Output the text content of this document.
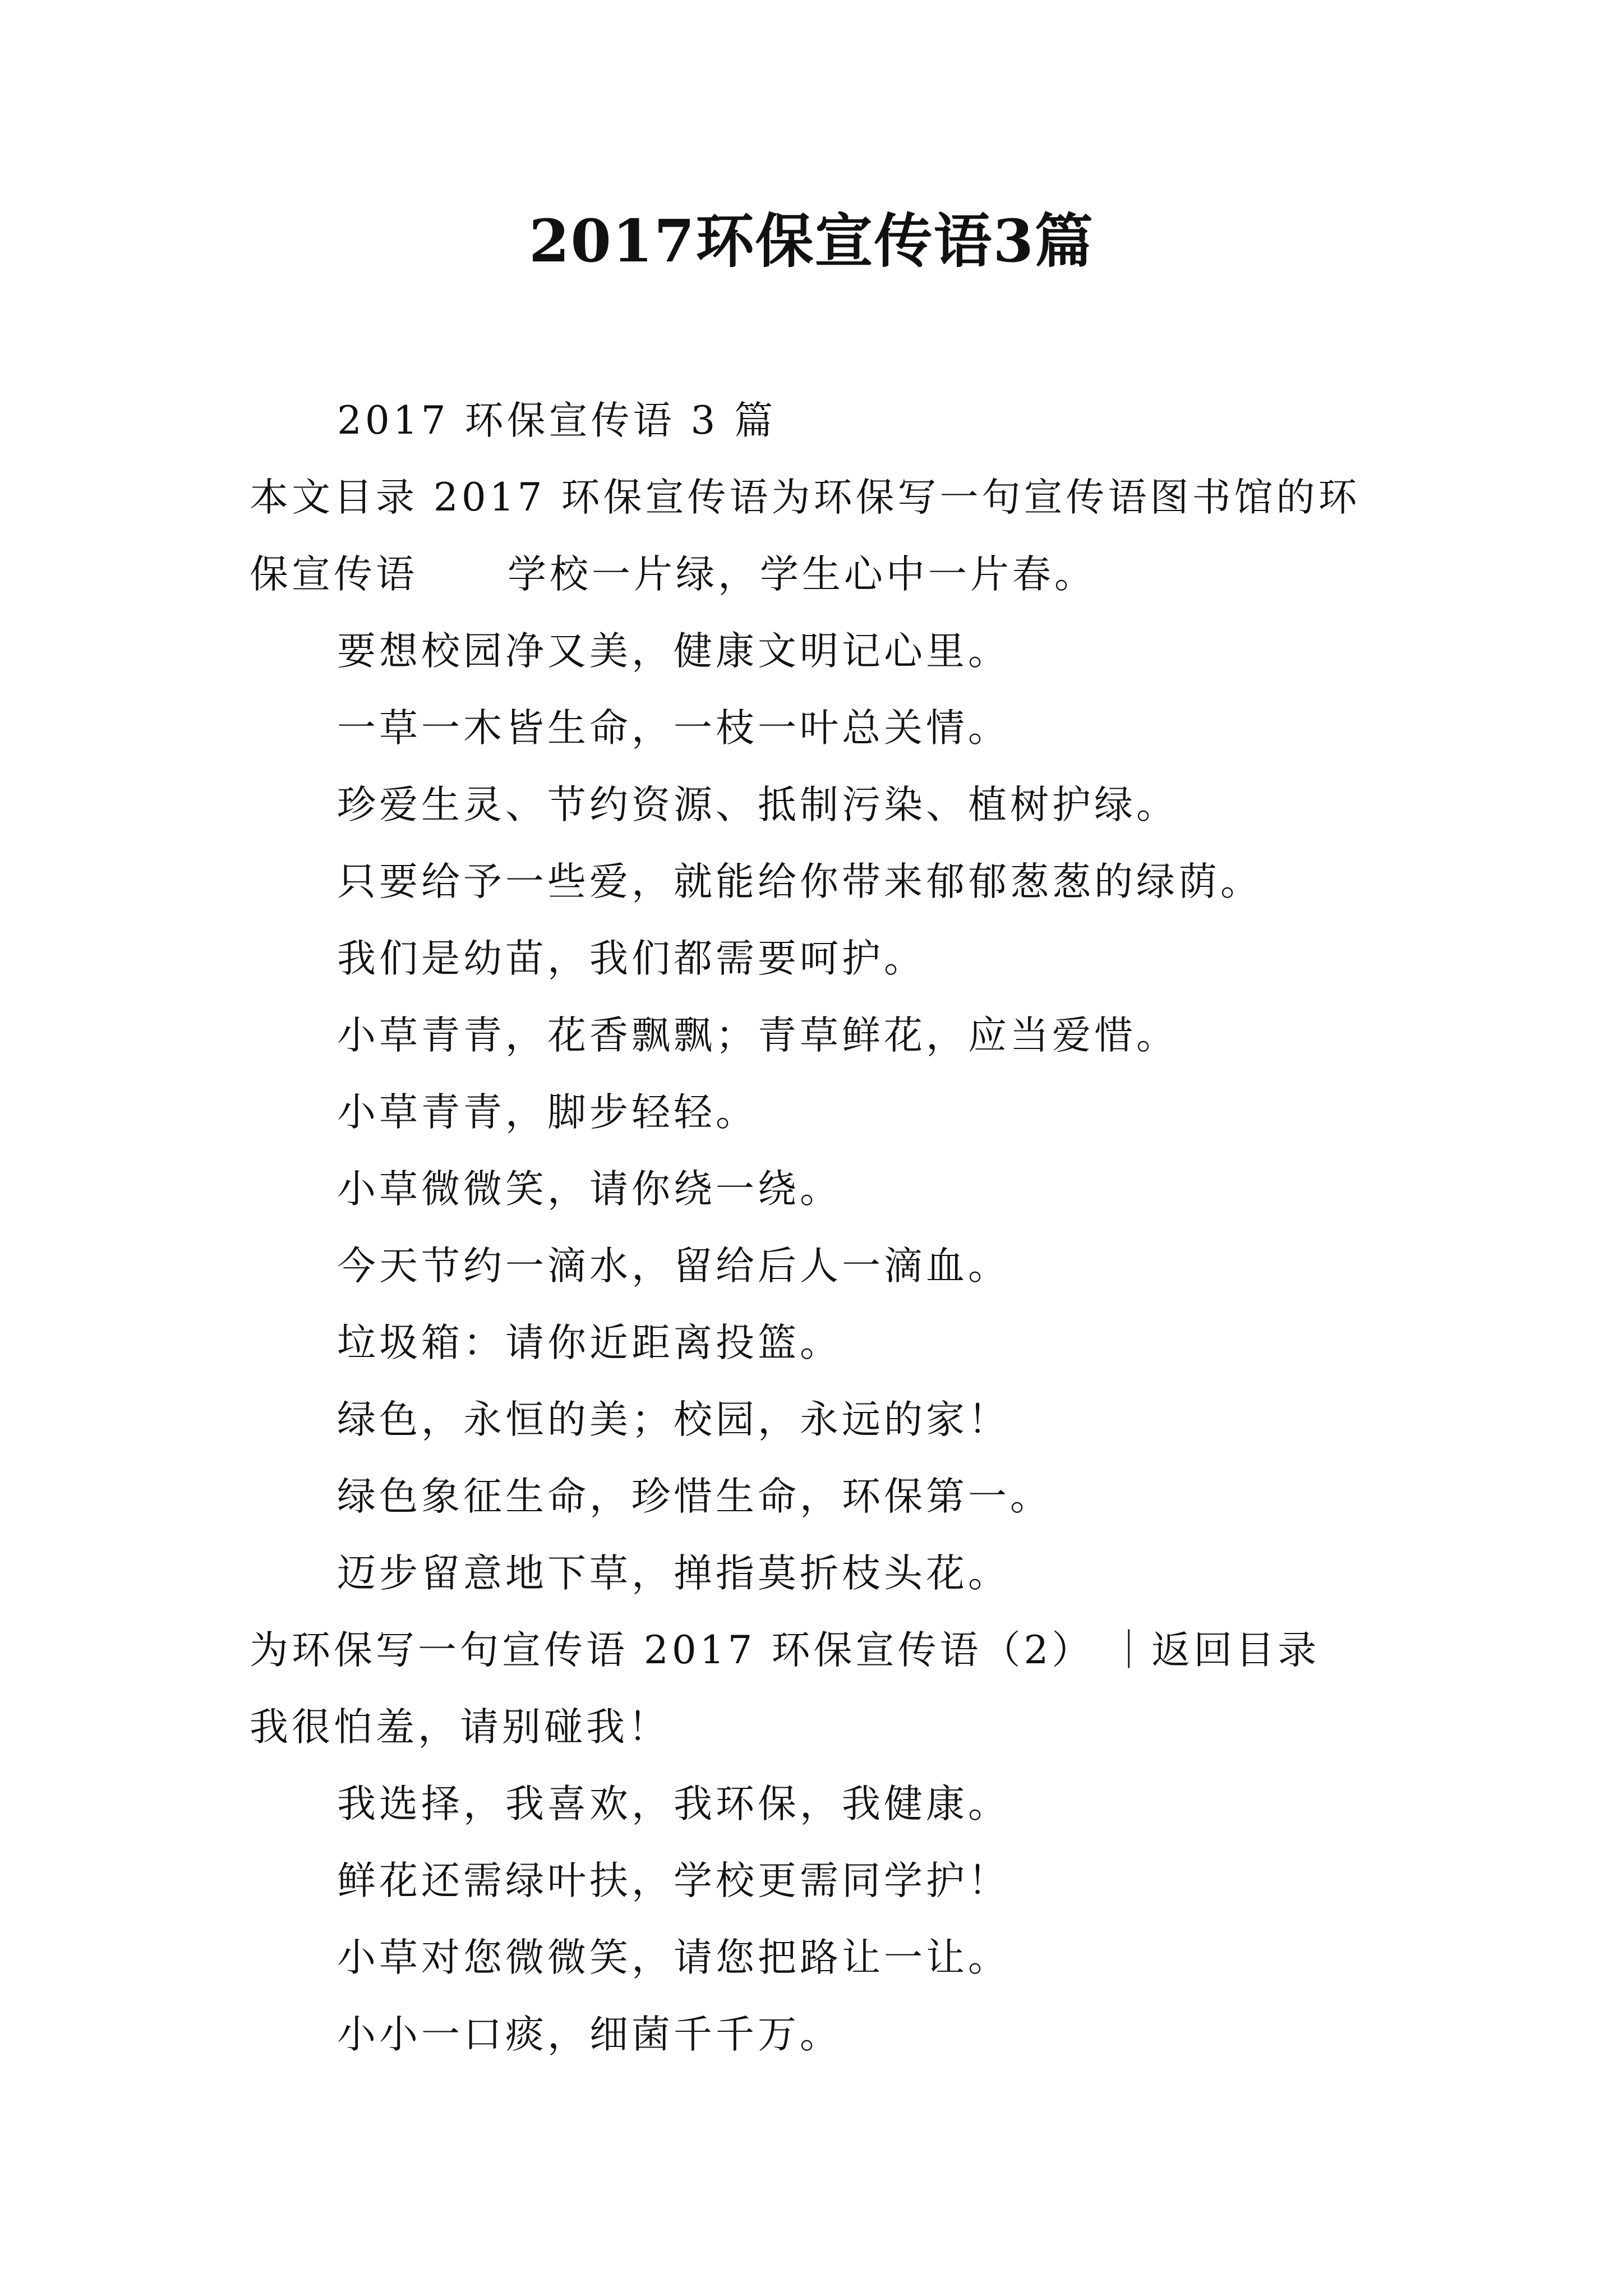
2017环保宣传语3篇
2017 环保宣传语 3 篇
本文目录 2017 环保宣传语为环保写一句宣传语图书馆的环
保宣传语 学校一片绿，学生心中一片春。
要想校园净又美，健康文明记心里。
一草一木皆生命，一枝一叶总关情。
珍爱生灵、节约资源、抵制污染、植树护绿。
只要给予一些爱，就能给你带来郁郁葱葱的绿荫。
我们是幼苗，我们都需要呵护。
小草青青，花香飘飘；青草鲜花，应当爱惜。
小草青青，脚步轻轻。
小草微微笑，请你绕一绕。
今天节约一滴水，留给后人一滴血。
垃圾箱：请你近距离投篮。
绿色，永恒的美；校园，永远的家！
绿色象征生命，珍惜生命，环保第一。
迈步留意地下草，掸指莫折枝头花。
为环保写一句宣传语 2017 环保宣传语（2） ｜返回目录
我很怕羞，请别碰我！
我选择，我喜欢，我环保，我健康。
鲜花还需绿叶扶，学校更需同学护！
小草对您微微笑，请您把路让一让。
小小一口痰，细菌千千万。
